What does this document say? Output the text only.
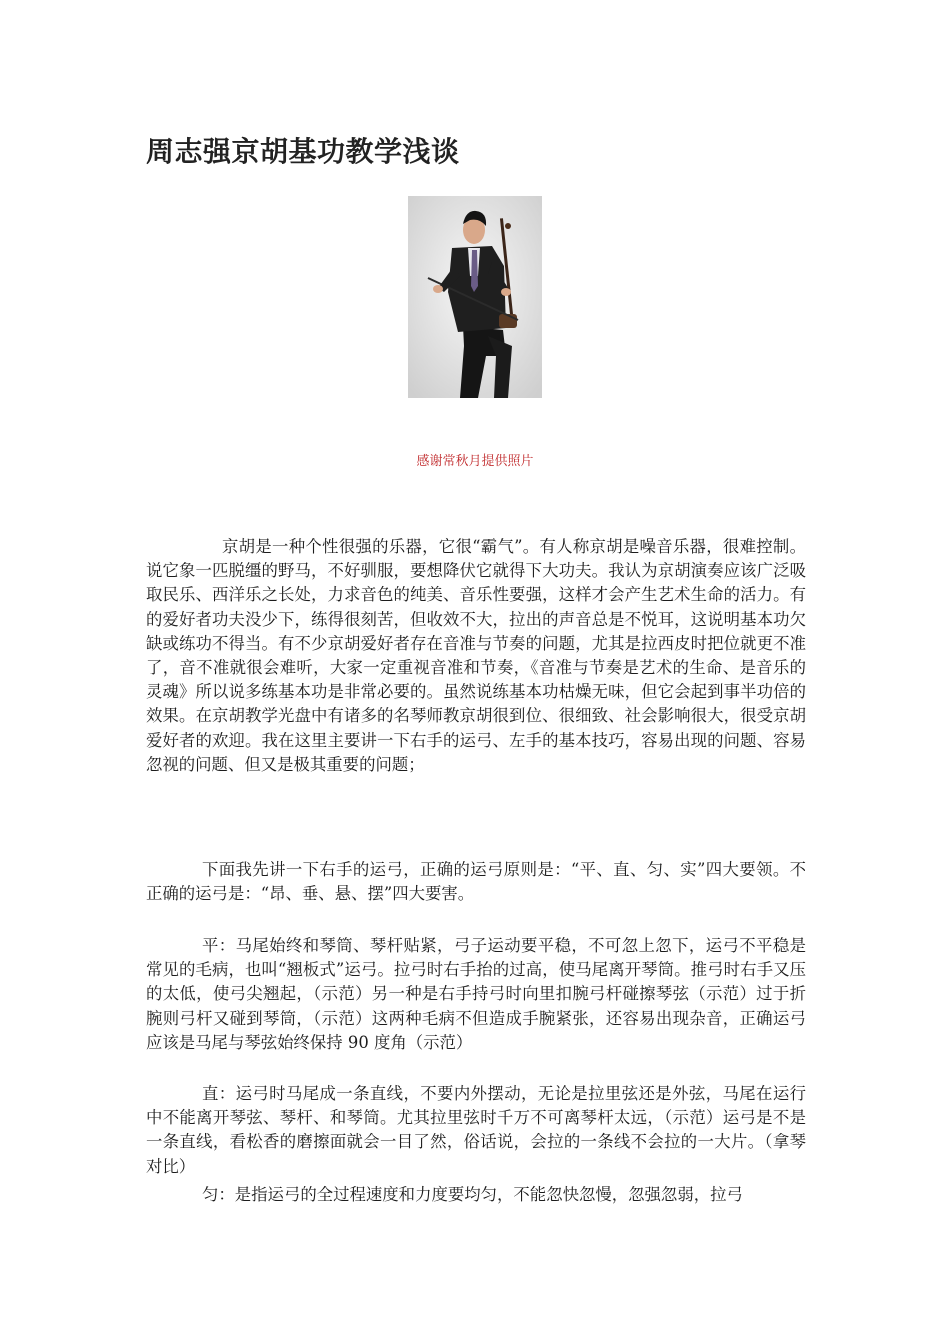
周志强京胡基功教学浅谈

感谢常秋月提供照片

京胡是一种个性很强的乐器，它很“霸气”。有人称京胡是噪音乐器，很难控制。说它象一匹脱缰的野马，不好驯服，要想降伏它就得下大功夫。我认为京胡演奏应该广泛吸取民乐、西洋乐之长处，力求音色的纯美、音乐性要强，这样才会产生艺术生命的活力。有的爱好者功夫没少下，练得很刻苦，但收效不大，拉出的声音总是不悦耳，这说明基本功欠缺或练功不得当。有不少京胡爱好者存在音准与节奏的问题，尤其是拉西皮时把位就更不准了，音不准就很会难听，大家一定重视音准和节奏，《音准与节奏是艺术的生命、是音乐的灵魂》所以说多练基本功是非常必要的。虽然说练基本功枯燥无味，但它会起到事半功倍的效果。在京胡教学光盘中有诸多的名琴师教京胡很到位、很细致、社会影响很大，很受京胡爱好者的欢迎。我在这里主要讲一下右手的运弓、左手的基本技巧，容易出现的问题、容易忽视的问题、但又是极其重要的问题；

下面我先讲一下右手的运弓，正确的运弓原则是：“平、直、匀、实”四大要领。不正确的运弓是：“昂、垂、悬、摆”四大要害。

平：马尾始终和琴筒、琴杆贴紧，弓子运动要平稳，不可忽上忽下，运弓不平稳是常见的毛病，也叫“翘板式”运弓。拉弓时右手抬的过高，使马尾离开琴筒。推弓时右手又压的太低，使弓尖翘起，（示范）另一种是右手持弓时向里扣腕弓杆碰擦琴弦（示范）过于折腕则弓杆又碰到琴筒，（示范）这两种毛病不但造成手腕紧张，还容易出现杂音，正确运弓应该是马尾与琴弦始终保持 90 度角（示范）

直：运弓时马尾成一条直线，不要内外摆动，无论是拉里弦还是外弦，马尾在运行中不能离开琴弦、琴杆、和琴筒。尤其拉里弦时千万不可离琴杆太远，（示范）运弓是不是一条直线，看松香的磨擦面就会一目了然，俗话说，会拉的一条线不会拉的一大片。（拿琴对比）

匀：是指运弓的全过程速度和力度要均匀，不能忽快忽慢，忽强忽弱，拉弓
